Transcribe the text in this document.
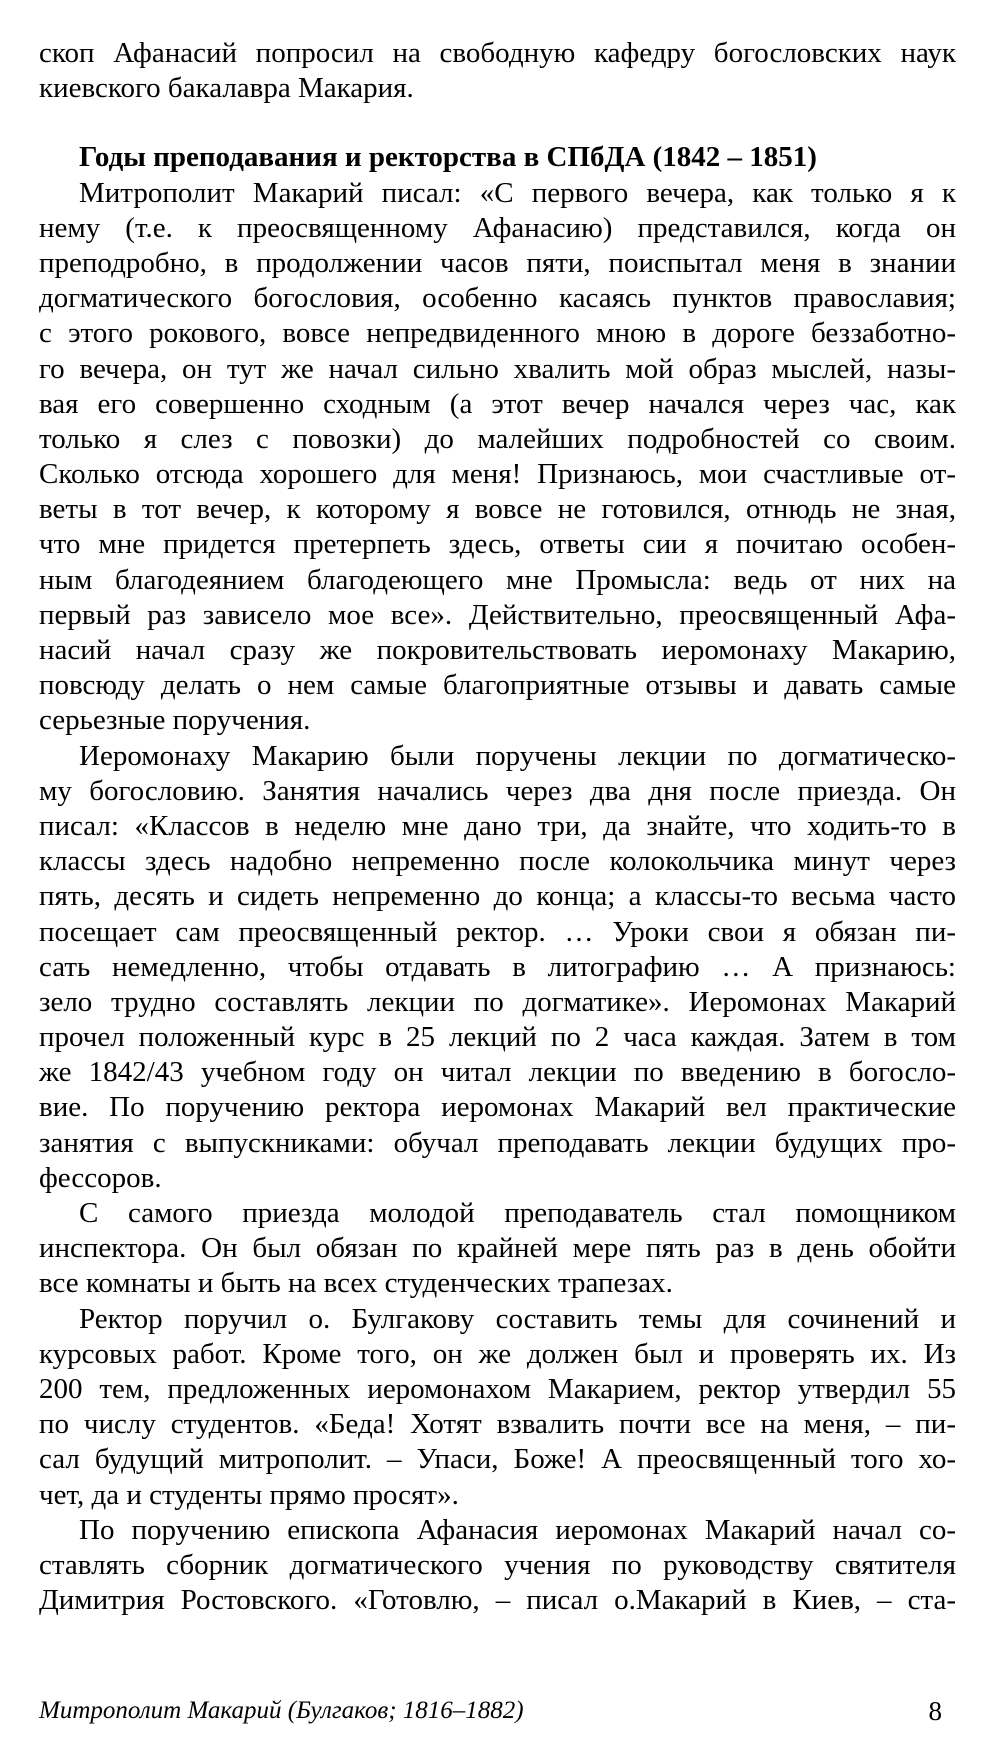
скоп Афанасий попросил на свободную кафедру богословских наук
киевского бакалавра Макария.
Годы преподавания и ректорства в СПбДА (1842 – 1851)
Митрополит Макарий писал: «С первого вечера, как только я к
нему (т.е. к преосвященному Афанасию) представился, когда он
преподробно, в продолжении часов пяти, поиспытал меня в знании
догматического богословия, особенно касаясь пунктов православия;
с этого рокового, вовсе непредвиденного мною в дороге беззаботно-
го вечера, он тут же начал сильно хвалить мой образ мыслей, назы-
вая его совершенно сходным (а этот вечер начался через час, как
только я слез с повозки) до малейших подробностей со своим.
Сколько отсюда хорошего для меня! Признаюсь, мои счастливые от-
веты в тот вечер, к которому я вовсе не готовился, отнюдь не зная,
что мне придется претерпеть здесь, ответы сии я почитаю особен-
ным благодеянием благодеющего мне Промысла: ведь от них на
первый раз зависело мое все». Действительно, преосвященный Афа-
насий начал сразу же покровительствовать иеромонаху Макарию,
повсюду делать о нем самые благоприятные отзывы и давать самые
серьезные поручения.
Иеромонаху Макарию были поручены лекции по догматическо-
му богословию. Занятия начались через два дня после приезда. Он
писал: «Классов в неделю мне дано три, да знайте, что ходить-то в
классы здесь надобно непременно после колокольчика минут через
пять, десять и сидеть непременно до конца; а классы-то весьма часто
посещает сам преосвященный ректор. … Уроки свои я обязан пи-
сать немедленно, чтобы отдавать в литографию … А признаюсь:
зело трудно составлять лекции по догматике». Иеромонах Макарий
прочел положенный курс в 25 лекций по 2 часа каждая. Затем в том
же 1842/43 учебном году он читал лекции по введению в богосло-
вие. По поручению ректора иеромонах Макарий вел практические
занятия с выпускниками: обучал преподавать лекции будущих про-
фессоров.
С самого приезда молодой преподаватель стал помощником
инспектора. Он был обязан по крайней мере пять раз в день обойти
все комнаты и быть на всех студенческих трапезах.
Ректор поручил о. Булгакову составить темы для сочинений и
курсовых работ. Кроме того, он же должен был и проверять их. Из
200 тем, предложенных иеромонахом Макарием, ректор утвердил 55
по числу студентов. «Беда! Хотят взвалить почти все на меня, – пи-
сал будущий митрополит. – Упаси, Боже! А преосвященный того хо-
чет, да и студенты прямо просят».
По поручению епископа Афанасия иеромонах Макарий начал со-
ставлять сборник догматического учения по руководству святителя
Димитрия Ростовского. «Готовлю, – писал о.Макарий в Киев, – ста-
Митрополит Макарий (Булгаков; 1816–1882)	8
